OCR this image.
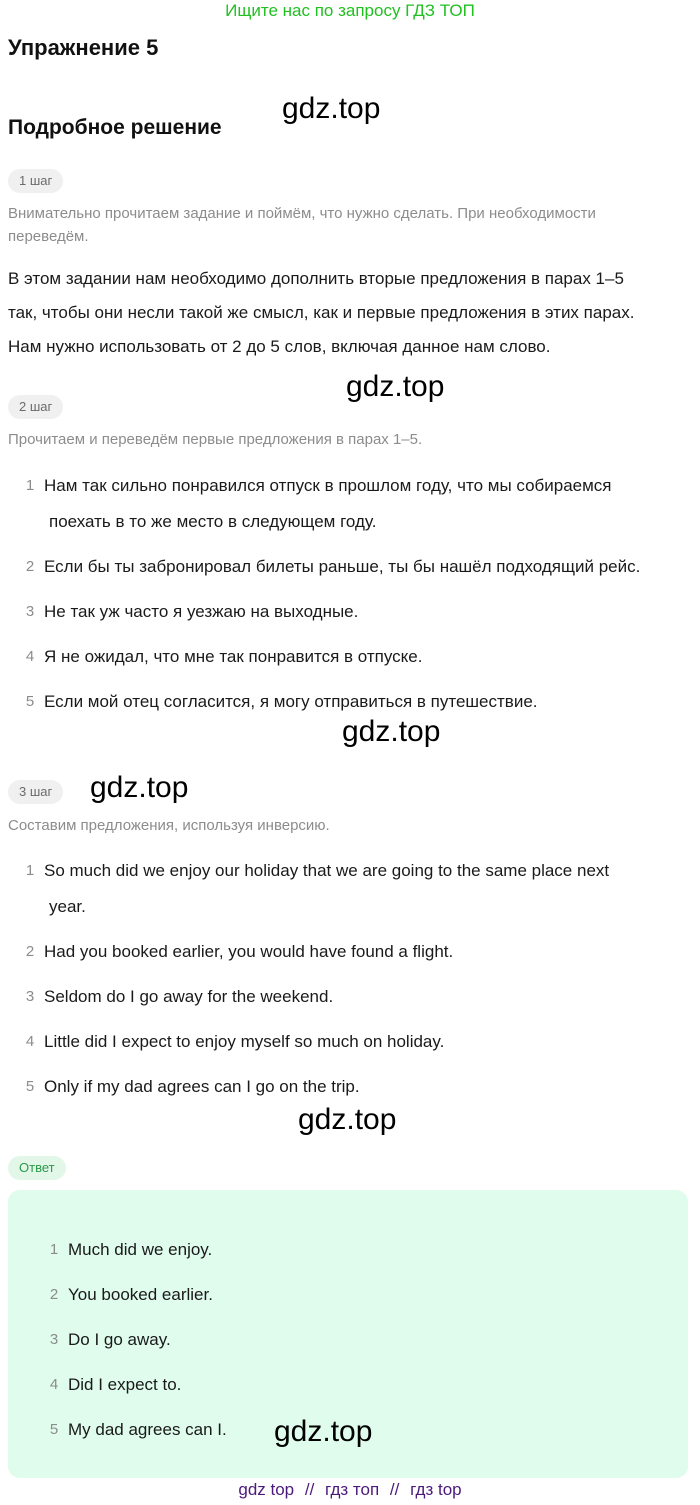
Ищите нас по запросу ГДЗ ТОП
Упражнение 5
gdz.top
Подробное решение
1 шаг
Внимательно прочитаем задание и поймём, что нужно сделать. При необходимости
переведём.
В этом задании нам необходимо дополнить вторые предложения в парах 1–5
так, чтобы они несли такой же смысл, как и первые предложения в этих парах.
Нам нужно использовать от 2 до 5 слов, включая данное нам слово.
gdz.top
2 шаг
Прочитаем и переведём первые предложения в парах 1–5.
1 Нам так сильно понравился отпуск в прошлом году, что мы собираемся
поехать в то же место в следующем году.
2 Если бы ты забронировал билеты раньше, ты бы нашёл подходящий рейс.
3 Не так уж часто я уезжаю на выходные.
4 Я не ожидал, что мне так понравится в отпуске.
5 Если мой отец согласится, я могу отправиться в путешествие.
gdz.top
3 шаг	gdz.top
Составим предложения, используя инверсию.
1 So much did we enjoy our holiday that we are going to the same place next
year.
2 Had you booked earlier, you would have found a flight.
3 Seldom do I go away for the weekend.
4 Little did I expect to enjoy myself so much on holiday.
5 Only if my dad agrees can I go on the trip.
gdz.top
Ответ
1 Much did we enjoy.
2 You booked earlier.
3 Do I go away.
4 Did I expect to.
5 My dad agrees can I. gdz.top
gdz top // гдз топ // гдз top
